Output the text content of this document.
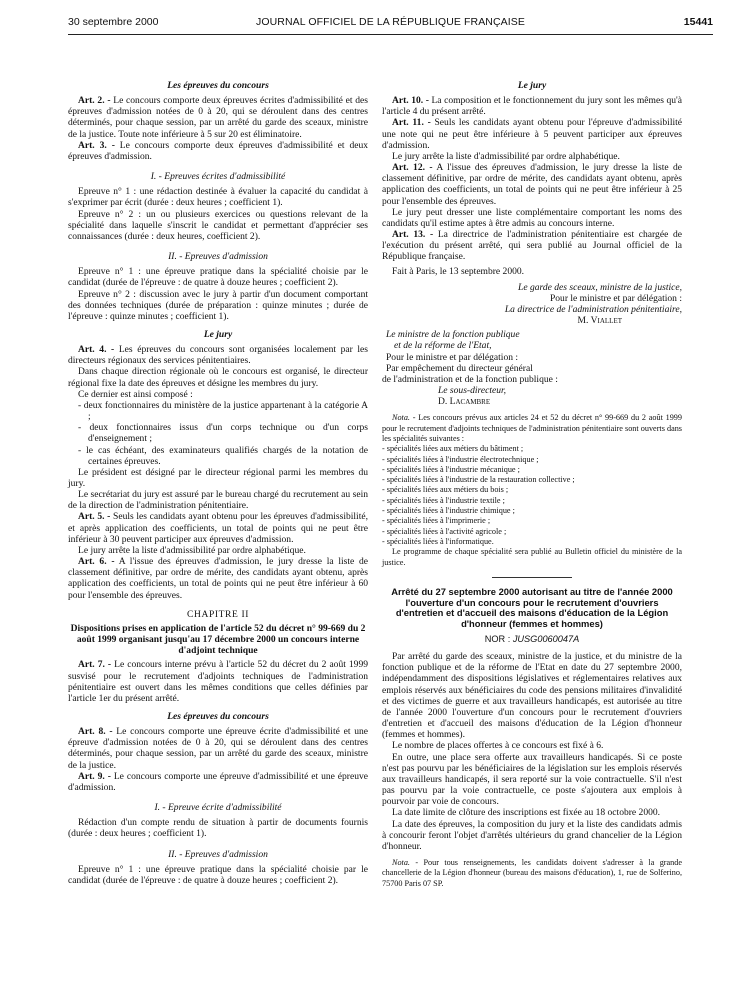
30 septembre 2000	JOURNAL OFFICIEL DE LA RÉPUBLIQUE FRANÇAISE	15441

Les épreuves du concours

Art. 2. - Le concours comporte deux épreuves écrites d'admissibilité et des épreuves d'admission notées de 0 à 20, qui se déroulent dans des centres déterminés, pour chaque session, par un arrêté du garde des sceaux, ministre de la justice. Toute note inférieure à 5 sur 20 est éliminatoire.

Art. 3. - Le concours comporte deux épreuves d'admissibilité et deux épreuves d'admission.

I. - Epreuves écrites d'admissibilité

Epreuve n° 1 : une rédaction destinée à évaluer la capacité du candidat à s'exprimer par écrit (durée : deux heures ; coefficient 1).

Epreuve n° 2 : un ou plusieurs exercices ou questions relevant de la spécialité dans laquelle s'inscrit le candidat et permettant d'apprécier ses connaissances (durée : deux heures, coefficient 2).

II. - Epreuves d'admission

Epreuve n° 1 : une épreuve pratique dans la spécialité choisie par le candidat (durée de l'épreuve : de quatre à douze heures ; coefficient 2).

Epreuve n° 2 : discussion avec le jury à partir d'un document comportant des données techniques (durée de préparation : quinze minutes ; durée de l'épreuve : quinze minutes ; coefficient 1).

Le jury

Art. 4. - Les épreuves du concours sont organisées localement par les directeurs régionaux des services pénitentiaires.

Dans chaque direction régionale où le concours est organisé, le directeur régional fixe la date des épreuves et désigne les membres du jury.

Ce dernier est ainsi composé :

- deux fonctionnaires du ministère de la justice appartenant à la catégorie A ;

- deux fonctionnaires issus d'un corps technique ou d'un corps d'enseignement ;

- le cas échéant, des examinateurs qualifiés chargés de la notation de certaines épreuves.

Le président est désigné par le directeur régional parmi les membres du jury.

Le secrétariat du jury est assuré par le bureau chargé du recrutement au sein de la direction de l'administration pénitentiaire.

Art. 5. - Seuls les candidats ayant obtenu pour les épreuves d'admissibilité, et après application des coefficients, un total de points qui ne peut être inférieur à 30 peuvent participer aux épreuves d'admission.

Le jury arrête la liste d'admissibilité par ordre alphabétique.

Art. 6. - A l'issue des épreuves d'admission, le jury dresse la liste de classement définitive, par ordre de mérite, des candidats ayant obtenu, après application des coefficients, un total de points qui ne peut être inférieur à 60 pour l'ensemble des épreuves.

CHAPITRE II

Dispositions prises en application de l'article 52 du décret n° 99-669 du 2 août 1999 organisant jusqu'au 17 décembre 2000 un concours interne d'adjoint technique

Art. 7. - Le concours interne prévu à l'article 52 du décret du 2 août 1999 susvisé pour le recrutement d'adjoints techniques de l'administration pénitentiaire est ouvert dans les mêmes conditions que celles définies par l'article 1er du présent arrêté.

Les épreuves du concours

Art. 8. - Le concours comporte une épreuve écrite d'admissibilité et une épreuve d'admission notées de 0 à 20, qui se déroulent dans des centres déterminés, pour chaque session, par un arrêté du garde des sceaux, ministre de la justice.

Art. 9. - Le concours comporte une épreuve d'admissibilité et une épreuve d'admission.

I. - Epreuve écrite d'admissibilité

Rédaction d'un compte rendu de situation à partir de documents fournis (durée : deux heures ; coefficient 1).

II. - Epreuves d'admission

Epreuve n° 1 : une épreuve pratique dans la spécialité choisie par le candidat (durée de l'épreuve : de quatre à douze heures ; coefficient 2).

Le jury

Art. 10. - La composition et le fonctionnement du jury sont les mêmes qu'à l'article 4 du présent arrêté.

Art. 11. - Seuls les candidats ayant obtenu pour l'épreuve d'admissibilité une note qui ne peut être inférieure à 5 peuvent participer aux épreuves d'admission.

Le jury arrête la liste d'admissibilité par ordre alphabétique.

Art. 12. - A l'issue des épreuves d'admission, le jury dresse la liste de classement définitive, par ordre de mérite, des candidats ayant obtenu, après application des coefficients, un total de points qui ne peut être inférieur à 25 pour l'ensemble des épreuves.

Le jury peut dresser une liste complémentaire comportant les noms des candidats qu'il estime aptes à être admis au concours interne.

Art. 13. - La directrice de l'administration pénitentiaire est chargée de l'exécution du présent arrêté, qui sera publié au Journal officiel de la République française.

Fait à Paris, le 13 septembre 2000.

Le garde des sceaux, ministre de la justice,

Pour le ministre et par délégation :

La directrice de l'administration pénitentiaire,

M. Viallet

Le ministre de la fonction publique

et de la réforme de l'Etat,

Pour le ministre et par délégation :

Par empêchement du directeur général

de l'administration et de la fonction publique :

Le sous-directeur,

D. Lacambre

Nota. - Les concours prévus aux articles 24 et 52 du décret n° 99-669 du 2 août 1999 pour le recrutement d'adjoints techniques de l'administration pénitentiaire sont ouverts dans les spécialités suivantes :

- spécialités liées aux métiers du bâtiment ;

- spécialités liées à l'industrie électrotechnique ;

- spécialités liées à l'industrie mécanique ;

- spécialités liées à l'industrie de la restauration collective ;

- spécialités liées aux métiers du bois ;

- spécialités liées à l'industrie textile ;

- spécialités liées à l'industrie chimique ;

- spécialités liées à l'imprimerie ;

- spécialités liées à l'activité agricole ;

- spécialités liées à l'informatique.

Le programme de chaque spécialité sera publié au Bulletin officiel du ministère de la justice.

Arrêté du 27 septembre 2000 autorisant au titre de l'année 2000 l'ouverture d'un concours pour le recrutement d'ouvriers d'entretien et d'accueil des maisons d'éducation de la Légion d'honneur (femmes et hommes)

NOR : JUSG0060047A

Par arrêté du garde des sceaux, ministre de la justice, et du ministre de la fonction publique et de la réforme de l'Etat en date du 27 septembre 2000, indépendamment des dispositions législatives et réglementaires relatives aux emplois réservés aux bénéficiaires du code des pensions militaires d'invalidité et des victimes de guerre et aux travailleurs handicapés, est autorisée au titre de l'année 2000 l'ouverture d'un concours pour le recrutement d'ouvriers d'entretien et d'accueil des maisons d'éducation de la Légion d'honneur (femmes et hommes).

Le nombre de places offertes à ce concours est fixé à 6.

En outre, une place sera offerte aux travailleurs handicapés. Si ce poste n'est pas pourvu par les bénéficiaires de la législation sur les emplois réservés aux travailleurs handicapés, il sera reporté sur la voie contractuelle. S'il n'est pas pourvu par la voie contractuelle, ce poste s'ajoutera aux emplois à pourvoir par voie de concours.

La date limite de clôture des inscriptions est fixée au 18 octobre 2000.

La date des épreuves, la composition du jury et la liste des candidats admis à concourir feront l'objet d'arrêtés ultérieurs du grand chancelier de la Légion d'honneur.

Nota. - Pour tous renseignements, les candidats doivent s'adresser à la grande chancellerie de la Légion d'honneur (bureau des maisons d'éducation), 1, rue de Solferino, 75700 Paris 07 SP.
